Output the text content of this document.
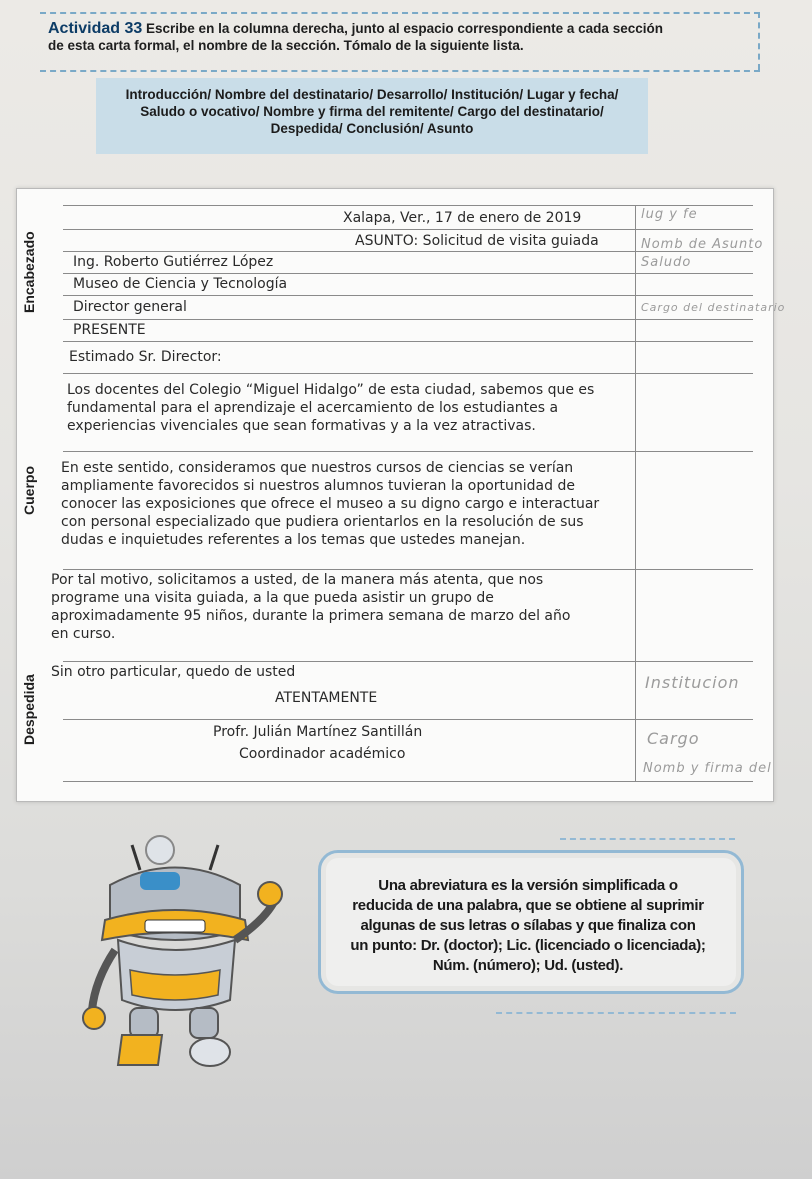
Actividad 33 Escribe en la columna derecha, junto al espacio correspondiente a cada sección
de esta carta formal, el nombre de la sección. Tómalo de la siguiente lista.
Introducción/ Nombre del destinatario/ Desarrollo/ Institución/ Lugar y fecha/
Saludo o vocativo/ Nombre y firma del remitente/ Cargo del destinatario/
Despedida/ Conclusión/ Asunto
Encabezado
Cuerpo
Despedida
Xalapa, Ver., 17 de enero de 2019
ASUNTO: Solicitud de visita guiada
Ing. Roberto Gutiérrez López
Museo de Ciencia y Tecnología
Director general
PRESENTE
Estimado Sr. Director:
Los docentes del Colegio “Miguel Hidalgo” de esta ciudad, sabemos que es
fundamental para el aprendizaje el acercamiento de los estudiantes a
experiencias vivenciales que sean formativas y a la vez atractivas.
En este sentido, consideramos que nuestros cursos de ciencias se verían
ampliamente favorecidos si nuestros alumnos tuvieran la oportunidad de
conocer las exposiciones que ofrece el museo a su digno cargo e interactuar
con personal especializado que pudiera orientarlos en la resolución de sus
dudas e inquietudes referentes a los temas que ustedes manejan.
Por tal motivo, solicitamos a usted, de la manera más atenta, que nos
programe una visita guiada, a la que pueda asistir un grupo de
aproximadamente 95 niños, durante la primera semana de marzo del año
en curso.
Sin otro particular, quedo de usted
ATENTAMENTE
Profr. Julián Martínez Santillán
Coordinador académico
lug y fe
Nomb de Asunto
Saludo
Cargo del destinatario
Institucion
Cargo
Nomb y firma del
Una abreviatura es la versión simplificada o
reducida de una palabra, que se obtiene al suprimir
algunas de sus letras o sílabas y que finaliza con
un punto: Dr. (doctor); Lic. (licenciado o licenciada);
Núm. (número); Ud. (usted).
